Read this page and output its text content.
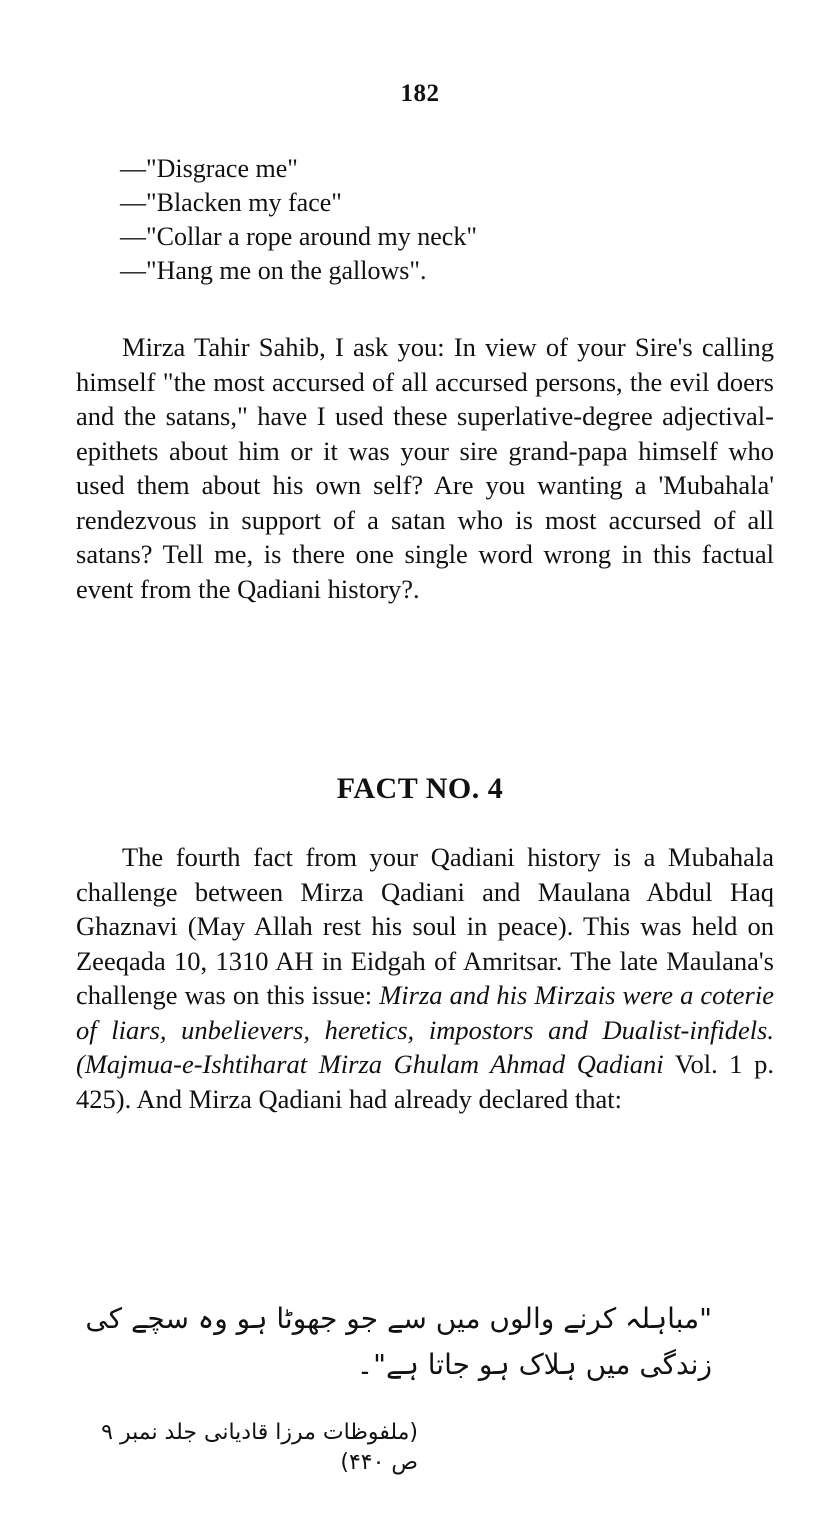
182
—"Disgrace me"
—"Blacken my face"
—"Collar a rope around my neck"
—"Hang me on the gallows".

Mirza Tahir Sahib, I ask you: In view of your Sire's calling himself "the most accursed of all accursed persons, the evil doers and the satans," have I used these superlative-degree adjectival-epithets about him or it was your sire grand-papa himself who used them about his own self? Are you wanting a 'Mubahala' rendezvous in support of a satan who is most accursed of all satans? Tell me, is there one single word wrong in this factual event from the Qadiani history?.

FACT NO. 4

The fourth fact from your Qadiani history is a Mubahala challenge between Mirza Qadiani and Maulana Abdul Haq Ghaznavi (May Allah rest his soul in peace). This was held on Zeeqada 10, 1310 AH in Eidgah of Amritsar. The late Maulana's challenge was on this issue: Mirza and his Mirzais were a coterie of liars, unbelievers, heretics, impostors and Dualist-infidels. (Majmua-e-Ishtiharat Mirza Ghulam Ahmad Qadiani Vol. 1 p. 425). And Mirza Qadiani had already declared that:

"مباہلہ کرنے والوں میں سے جو جھوٹا ہو وہ سچے کی زندگی میں ہلاک ہو جاتا ہے"۔
(ملفوظات مرزا قادیانی جلد نمبر ۹ ص ۴۴۰)
